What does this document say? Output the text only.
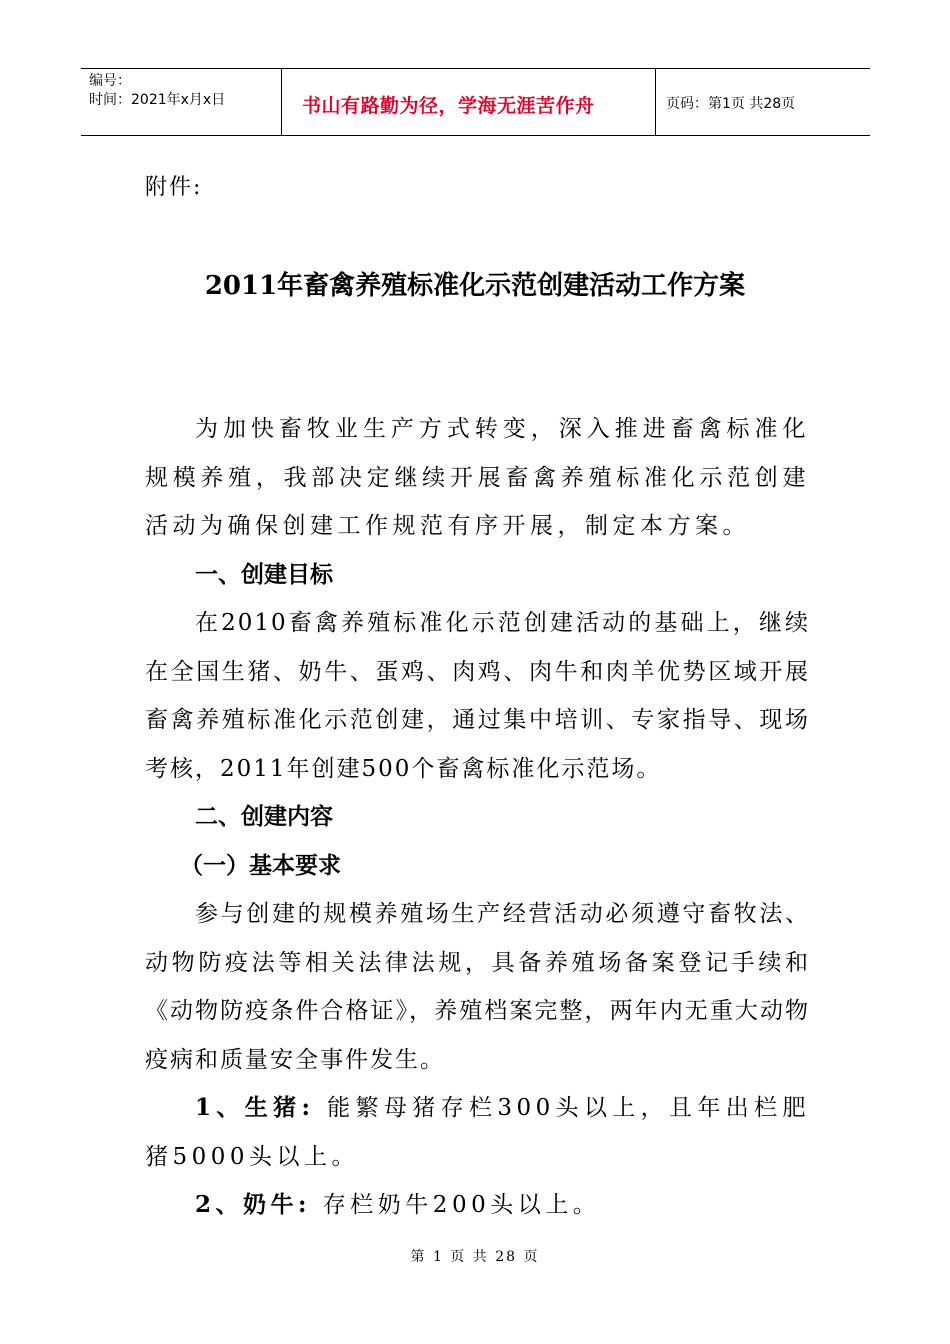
编号：
时间：2021年x月x日	书山有路勤为径，学海无涯苦作舟	页码：第1页 共28页
附件:
2011年畜禽养殖标准化示范创建活动工作方案

为加快畜牧业生产方式转变，深入推进畜禽标准化规模养殖，我部决定继续开展畜禽养殖标准化示范创建活动为确保创建工作规范有序开展，制定本方案。

一、创建目标

在2010畜禽养殖标准化示范创建活动的基础上，继续在全国生猪、奶牛、蛋鸡、肉鸡、肉牛和肉羊优势区域开展畜禽养殖标准化示范创建，通过集中培训、专家指导、现场考核，2011年创建500个畜禽标准化示范场。

二、创建内容

（一）基本要求

参与创建的规模养殖场生产经营活动必须遵守畜牧法、动物防疫法等相关法律法规，具备养殖场备案登记手续和《动物防疫条件合格证》，养殖档案完整，两年内无重大动物疫病和质量安全事件发生。

1、生猪: 能繁母猪存栏300头以上，且年出栏肥猪5000头以上。

2、奶牛: 存栏奶牛200头以上。

第 1 页 共 28 页
